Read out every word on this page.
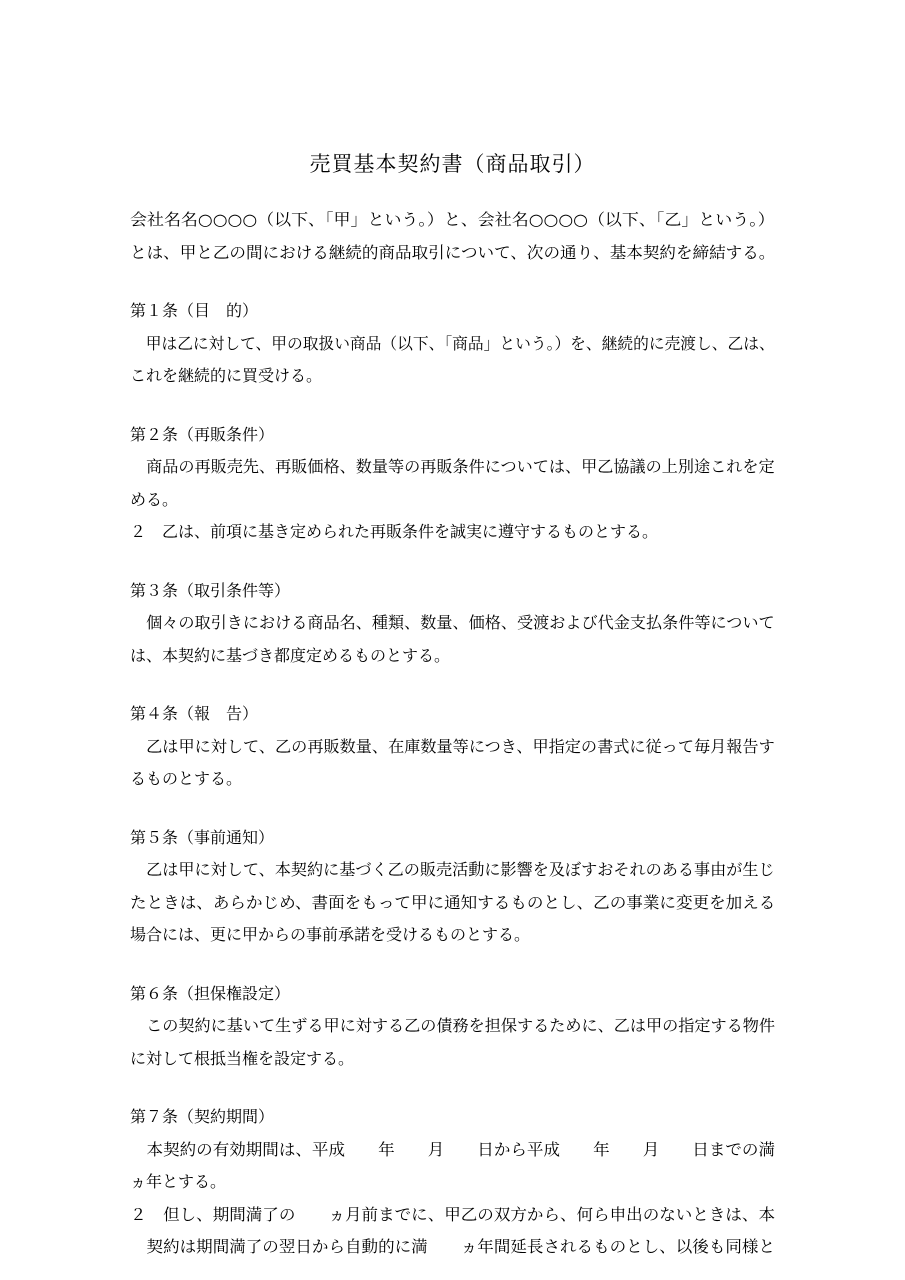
売買基本契約書（商品取引）
会社名名○○○○（以下、「甲」という。）と、会社名○○○○（以下、「乙」という。）
とは、甲と乙の間における継続的商品取引について、次の通り、基本契約を締結する。
第１条（目　的）
　甲は乙に対して、甲の取扱い商品（以下、「商品」という。）を、継続的に売渡し、乙は、
これを継続的に買受ける。
第２条（再販条件）
　商品の再販売先、再販価格、数量等の再販条件については、甲乙協議の上別途これを定
める。
２　乙は、前項に基き定められた再販条件を誠実に遵守するものとする。
第３条（取引条件等）
　個々の取引きにおける商品名、種類、数量、価格、受渡および代金支払条件等について
は、本契約に基づき都度定めるものとする。
第４条（報　告）
　乙は甲に対して、乙の再販数量、在庫数量等につき、甲指定の書式に従って毎月報告す
るものとする。
第５条（事前通知）
　乙は甲に対して、本契約に基づく乙の販売活動に影響を及ぼすおそれのある事由が生じ
たときは、あらかじめ、書面をもって甲に通知するものとし、乙の事業に変更を加える
場合には、更に甲からの事前承諾を受けるものとする。
第６条（担保権設定）
　この契約に基いて生ずる甲に対する乙の債務を担保するために、乙は甲の指定する物件
に対して根抵当権を設定する。
第７条（契約期間）
　本契約の有効期間は、平成　　年　　月　　日から平成　　年　　月　　日までの満
ヵ年とする。
２　但し、期間満了の　　ヵ月前までに、甲乙の双方から、何ら申出のないときは、本
　契約は期間満了の翌日から自動的に満　　ヵ年間延長されるものとし、以後も同様と
